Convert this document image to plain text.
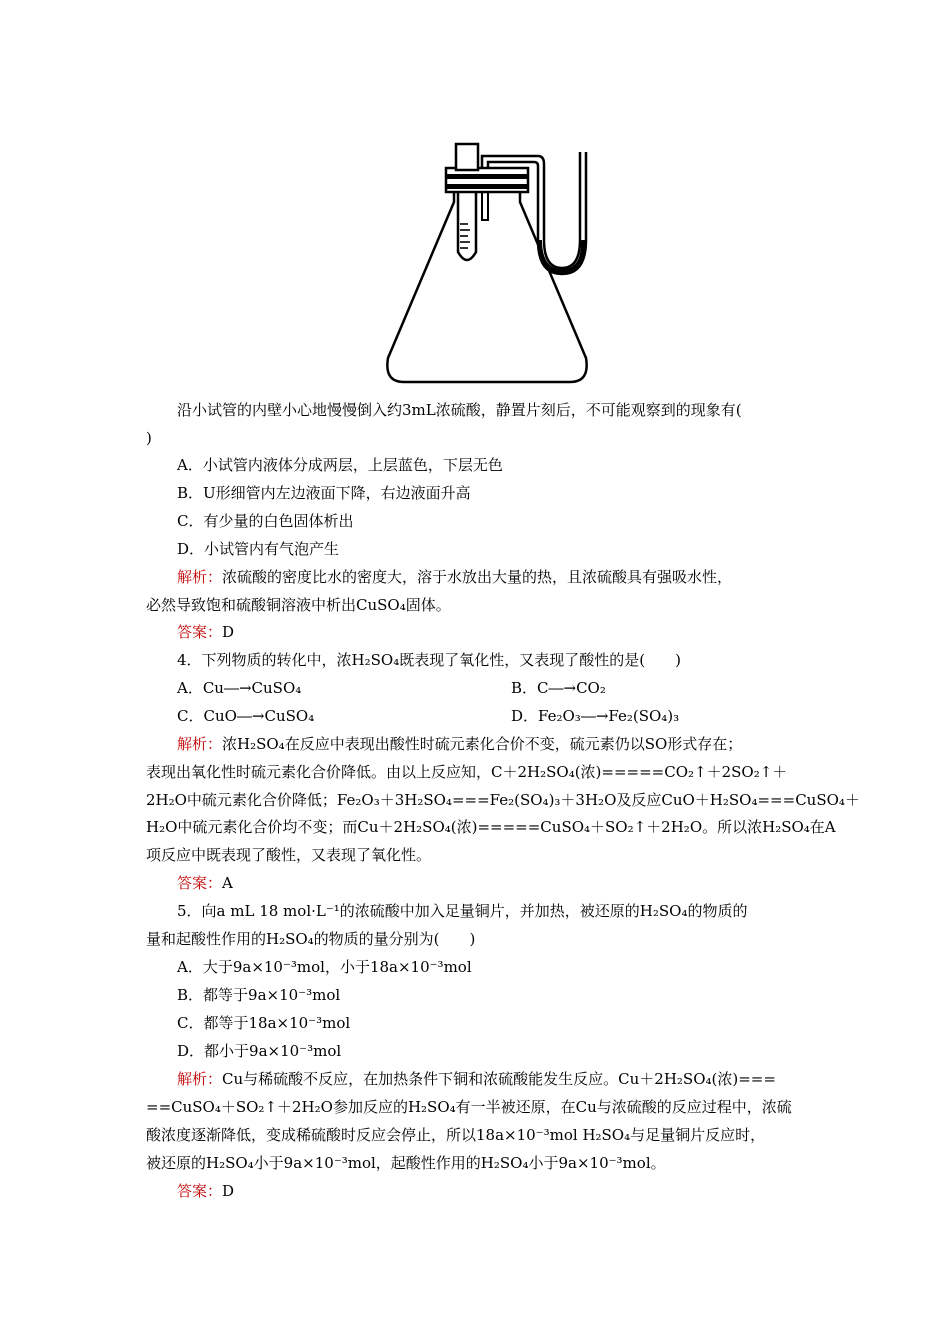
沿小试管的内壁小心地慢慢倒入约3mL浓硫酸，静置片刻后，不可能观察到的现象有(
)
A．小试管内液体分成两层，上层蓝色，下层无色
B．U形细管内左边液面下降，右边液面升高
C．有少量的白色固体析出
D．小试管内有气泡产生
解析：浓硫酸的密度比水的密度大，溶于水放出大量的热，且浓硫酸具有强吸水性，
必然导致饱和硫酸铜溶液中析出CuSO₄固体。
答案：D
4．下列物质的转化中，浓H₂SO₄既表现了氧化性，又表现了酸性的是(　　)
A．Cu―→CuSO₄	B．C―→CO₂
C．CuO―→CuSO₄	D．Fe₂O₃―→Fe₂(SO₄)₃
解析：浓H₂SO₄在反应中表现出酸性时硫元素化合价不变，硫元素仍以SO形式存在；
表现出氧化性时硫元素化合价降低。由以上反应知，C＋2H₂SO₄(浓)=====CO₂↑＋2SO₂↑＋
2H₂O中硫元素化合价降低；Fe₂O₃＋3H₂SO₄===Fe₂(SO₄)₃＋3H₂O及反应CuO＋H₂SO₄===CuSO₄＋
H₂O中硫元素化合价均不变；而Cu＋2H₂SO₄(浓)=====CuSO₄＋SO₂↑＋2H₂O。所以浓H₂SO₄在A
项反应中既表现了酸性，又表现了氧化性。
答案：A
5．向a mL 18 mol·L⁻¹的浓硫酸中加入足量铜片，并加热，被还原的H₂SO₄的物质的
量和起酸性作用的H₂SO₄的物质的量分别为(　　)
A．大于9a×10⁻³mol，小于18a×10⁻³mol
B．都等于9a×10⁻³mol
C．都等于18a×10⁻³mol
D．都小于9a×10⁻³mol
解析：Cu与稀硫酸不反应，在加热条件下铜和浓硫酸能发生反应。Cu＋2H₂SO₄(浓)===
==CuSO₄＋SO₂↑＋2H₂O参加反应的H₂SO₄有一半被还原，在Cu与浓硫酸的反应过程中，浓硫
酸浓度逐渐降低，变成稀硫酸时反应会停止，所以18a×10⁻³mol H₂SO₄与足量铜片反应时，
被还原的H₂SO₄小于9a×10⁻³mol，起酸性作用的H₂SO₄小于9a×10⁻³mol。
答案：D
